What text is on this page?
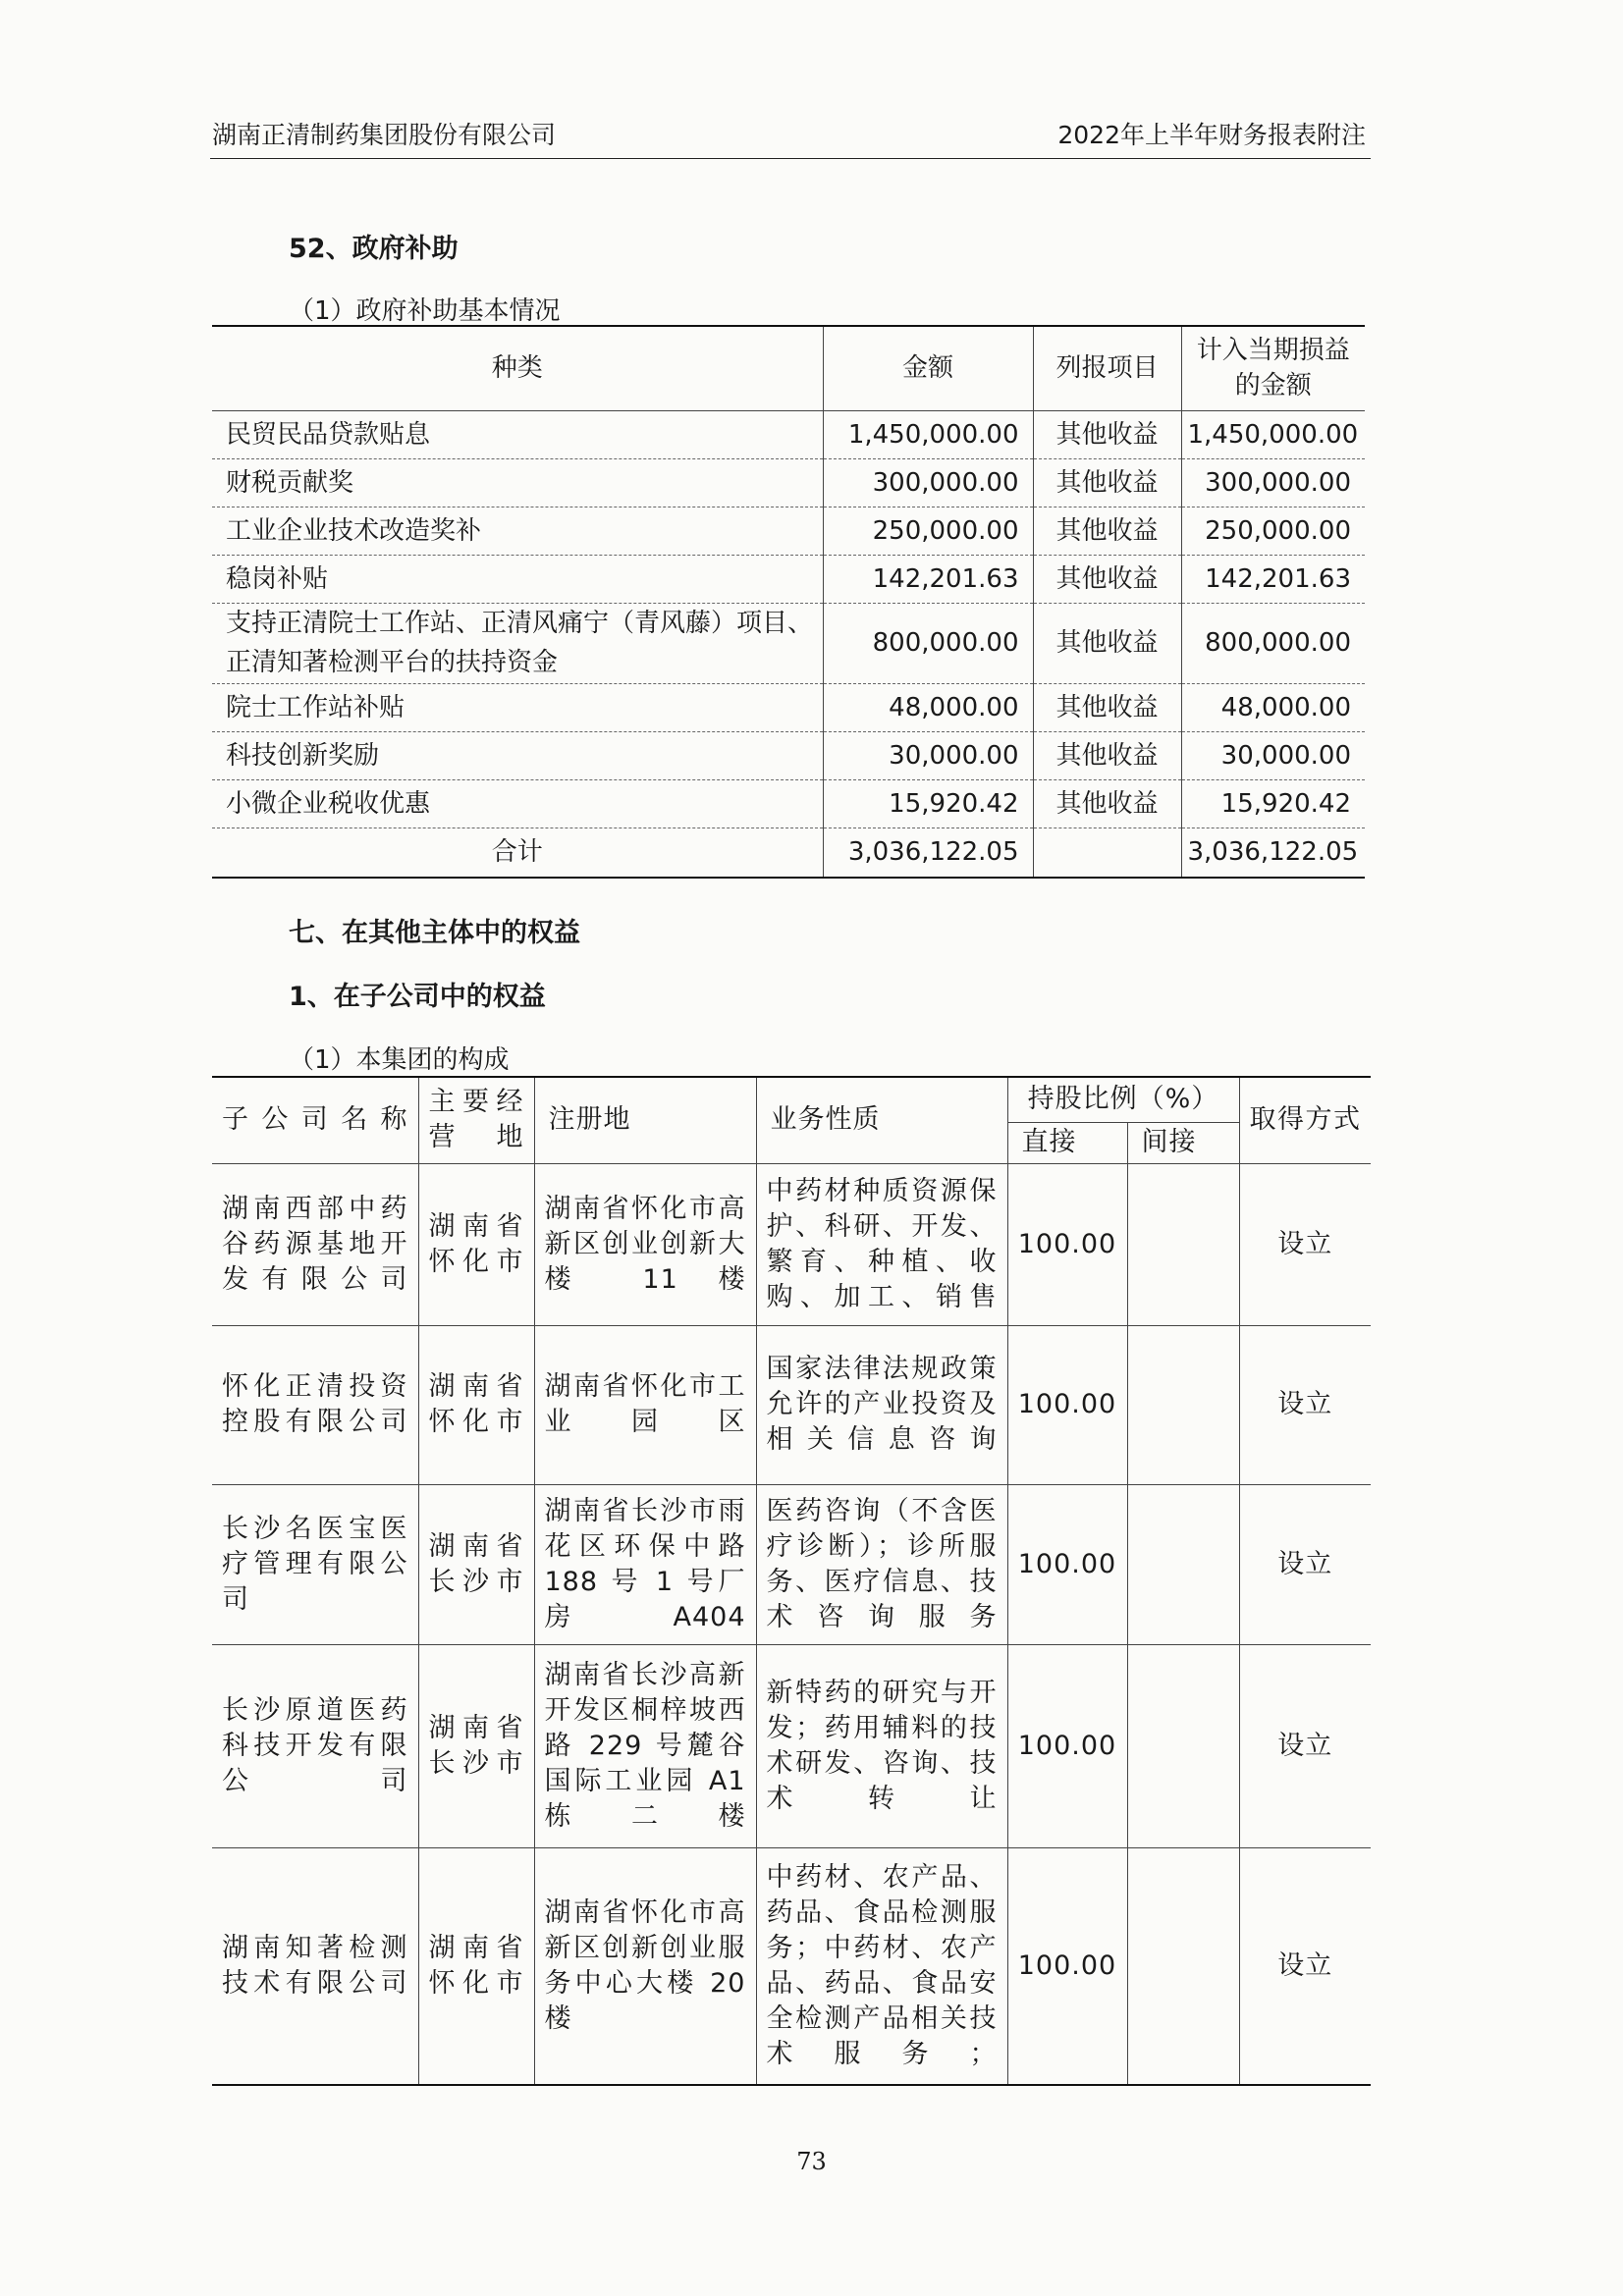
湖南正清制药集团股份有限公司	2022年上半年财务报表附注
52、政府补助
（1）政府补助基本情况
种类	金额	列报项目	计入当期损益的金额
民贸民品贷款贴息	1,450,000.00	其他收益	1,450,000.00
财税贡献奖	300,000.00	其他收益	300,000.00
工业企业技术改造奖补	250,000.00	其他收益	250,000.00
稳岗补贴	142,201.63	其他收益	142,201.63
支持正清院士工作站、正清风痛宁（青风藤）项目、正清知著检测平台的扶持资金	800,000.00	其他收益	800,000.00
院士工作站补贴	48,000.00	其他收益	48,000.00
科技创新奖励	30,000.00	其他收益	30,000.00
小微企业税收优惠	15,920.42	其他收益	15,920.42
合计	3,036,122.05		3,036,122.05
七、在其他主体中的权益
1、在子公司中的权益
（1）本集团的构成
子公司名称	主要经营地	注册地	业务性质	持股比例（%）		取得方式
				直接	间接	
湖南西部中药谷药源基地开发有限公司	湖南省怀化市	湖南省怀化市高新区创业创新大楼 11 楼	中药材种质资源保护、科研、开发、繁育、种植、收购、加工、销售	100.00		设立
怀化正清投资控股有限公司	湖南省怀化市	湖南省怀化市工业园区	国家法律法规政策允许的产业投资及相关信息咨询	100.00		设立
长沙名医宝医疗管理有限公司	湖南省长沙市	湖南省长沙市雨花区环保中路 188 号 1 号厂房 A404	医药咨询（不含医疗诊断）；诊所服务、医疗信息、技术咨询服务	100.00		设立
长沙原道医药科技开发有限公司	湖南省长沙市	湖南省长沙高新开发区桐梓坡西路 229 号麓谷国际工业园 A1 栋二楼	新特药的研究与开发；药用辅料的技术研发、咨询、技术转让	100.00		设立
湖南知著检测技术有限公司	湖南省怀化市	湖南省怀化市高新区创新创业服务中心大楼 20 楼	中药材、农产品、药品、食品检测服务；中药材、农产品、药品、食品安全检测产品相关技术服务；	100.00		设立
73
